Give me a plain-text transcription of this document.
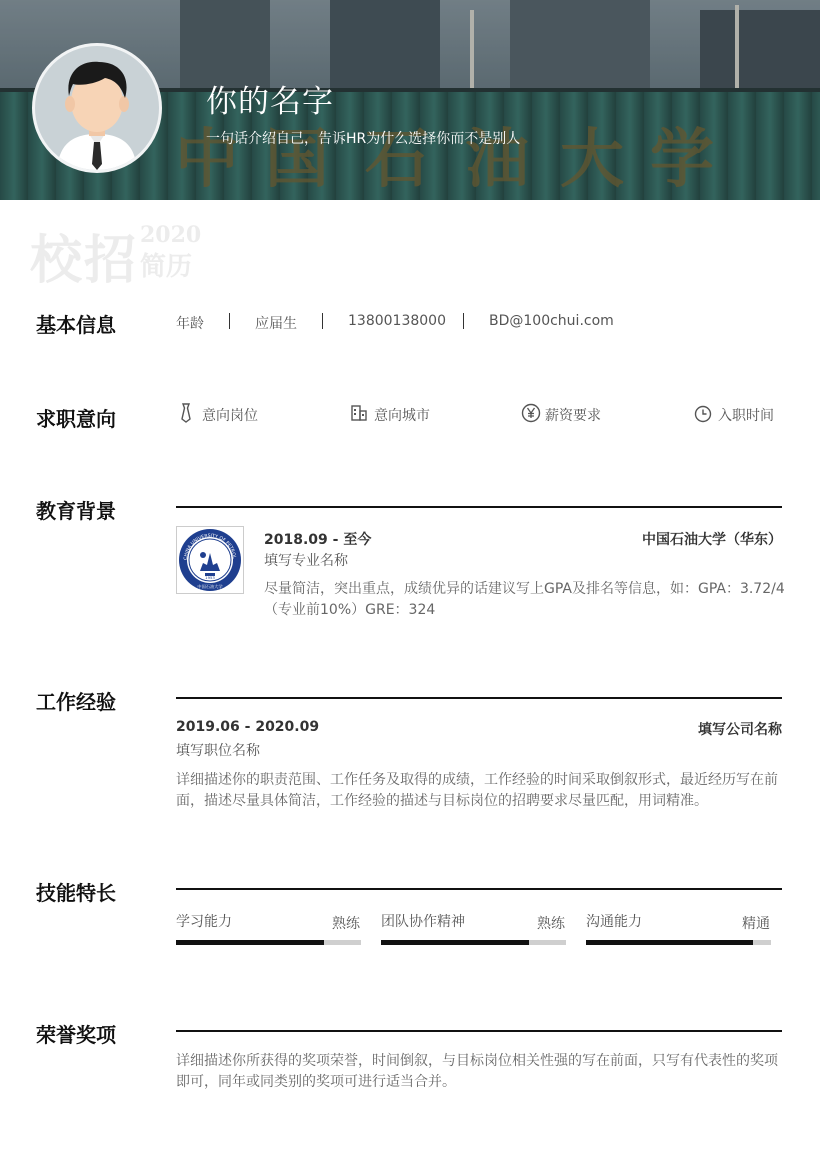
中 国 石 油 大 学
你的名字
一句话介绍自己，告诉HR为什么选择你而不是别人
校招 2020
简历
基本信息	年龄	应届生	13800138000	BD@100chui.com
求职意向	意向岗位	意向城市	薪资要求	入职时间
教育背景
CHINA UNIVERSITY OF PETROL
1953
中国石油大学
2018.09 - 至今	中国石油大学（华东）
填写专业名称
尽量简洁，突出重点，成绩优异的话建议写上GPA及排名等信息，如：GPA：3.72/4（专业前10%）GRE：324
工作经验
2019.06 - 2020.09	填写公司名称
填写职位名称
详细描述你的职责范围、工作任务及取得的成绩，工作经验的时间采取倒叙形式，最近经历写在前面，描述尽量具体简洁，工作经验的描述与目标岗位的招聘要求尽量匹配，用词精准。
技能特长
学习能力	熟练 团队协作精神	熟练 沟通能力	精通
荣誉奖项
详细描述你所获得的奖项荣誉，时间倒叙，与目标岗位相关性强的写在前面，只写有代表性的奖项即可，同年或同类别的奖项可进行适当合并。
